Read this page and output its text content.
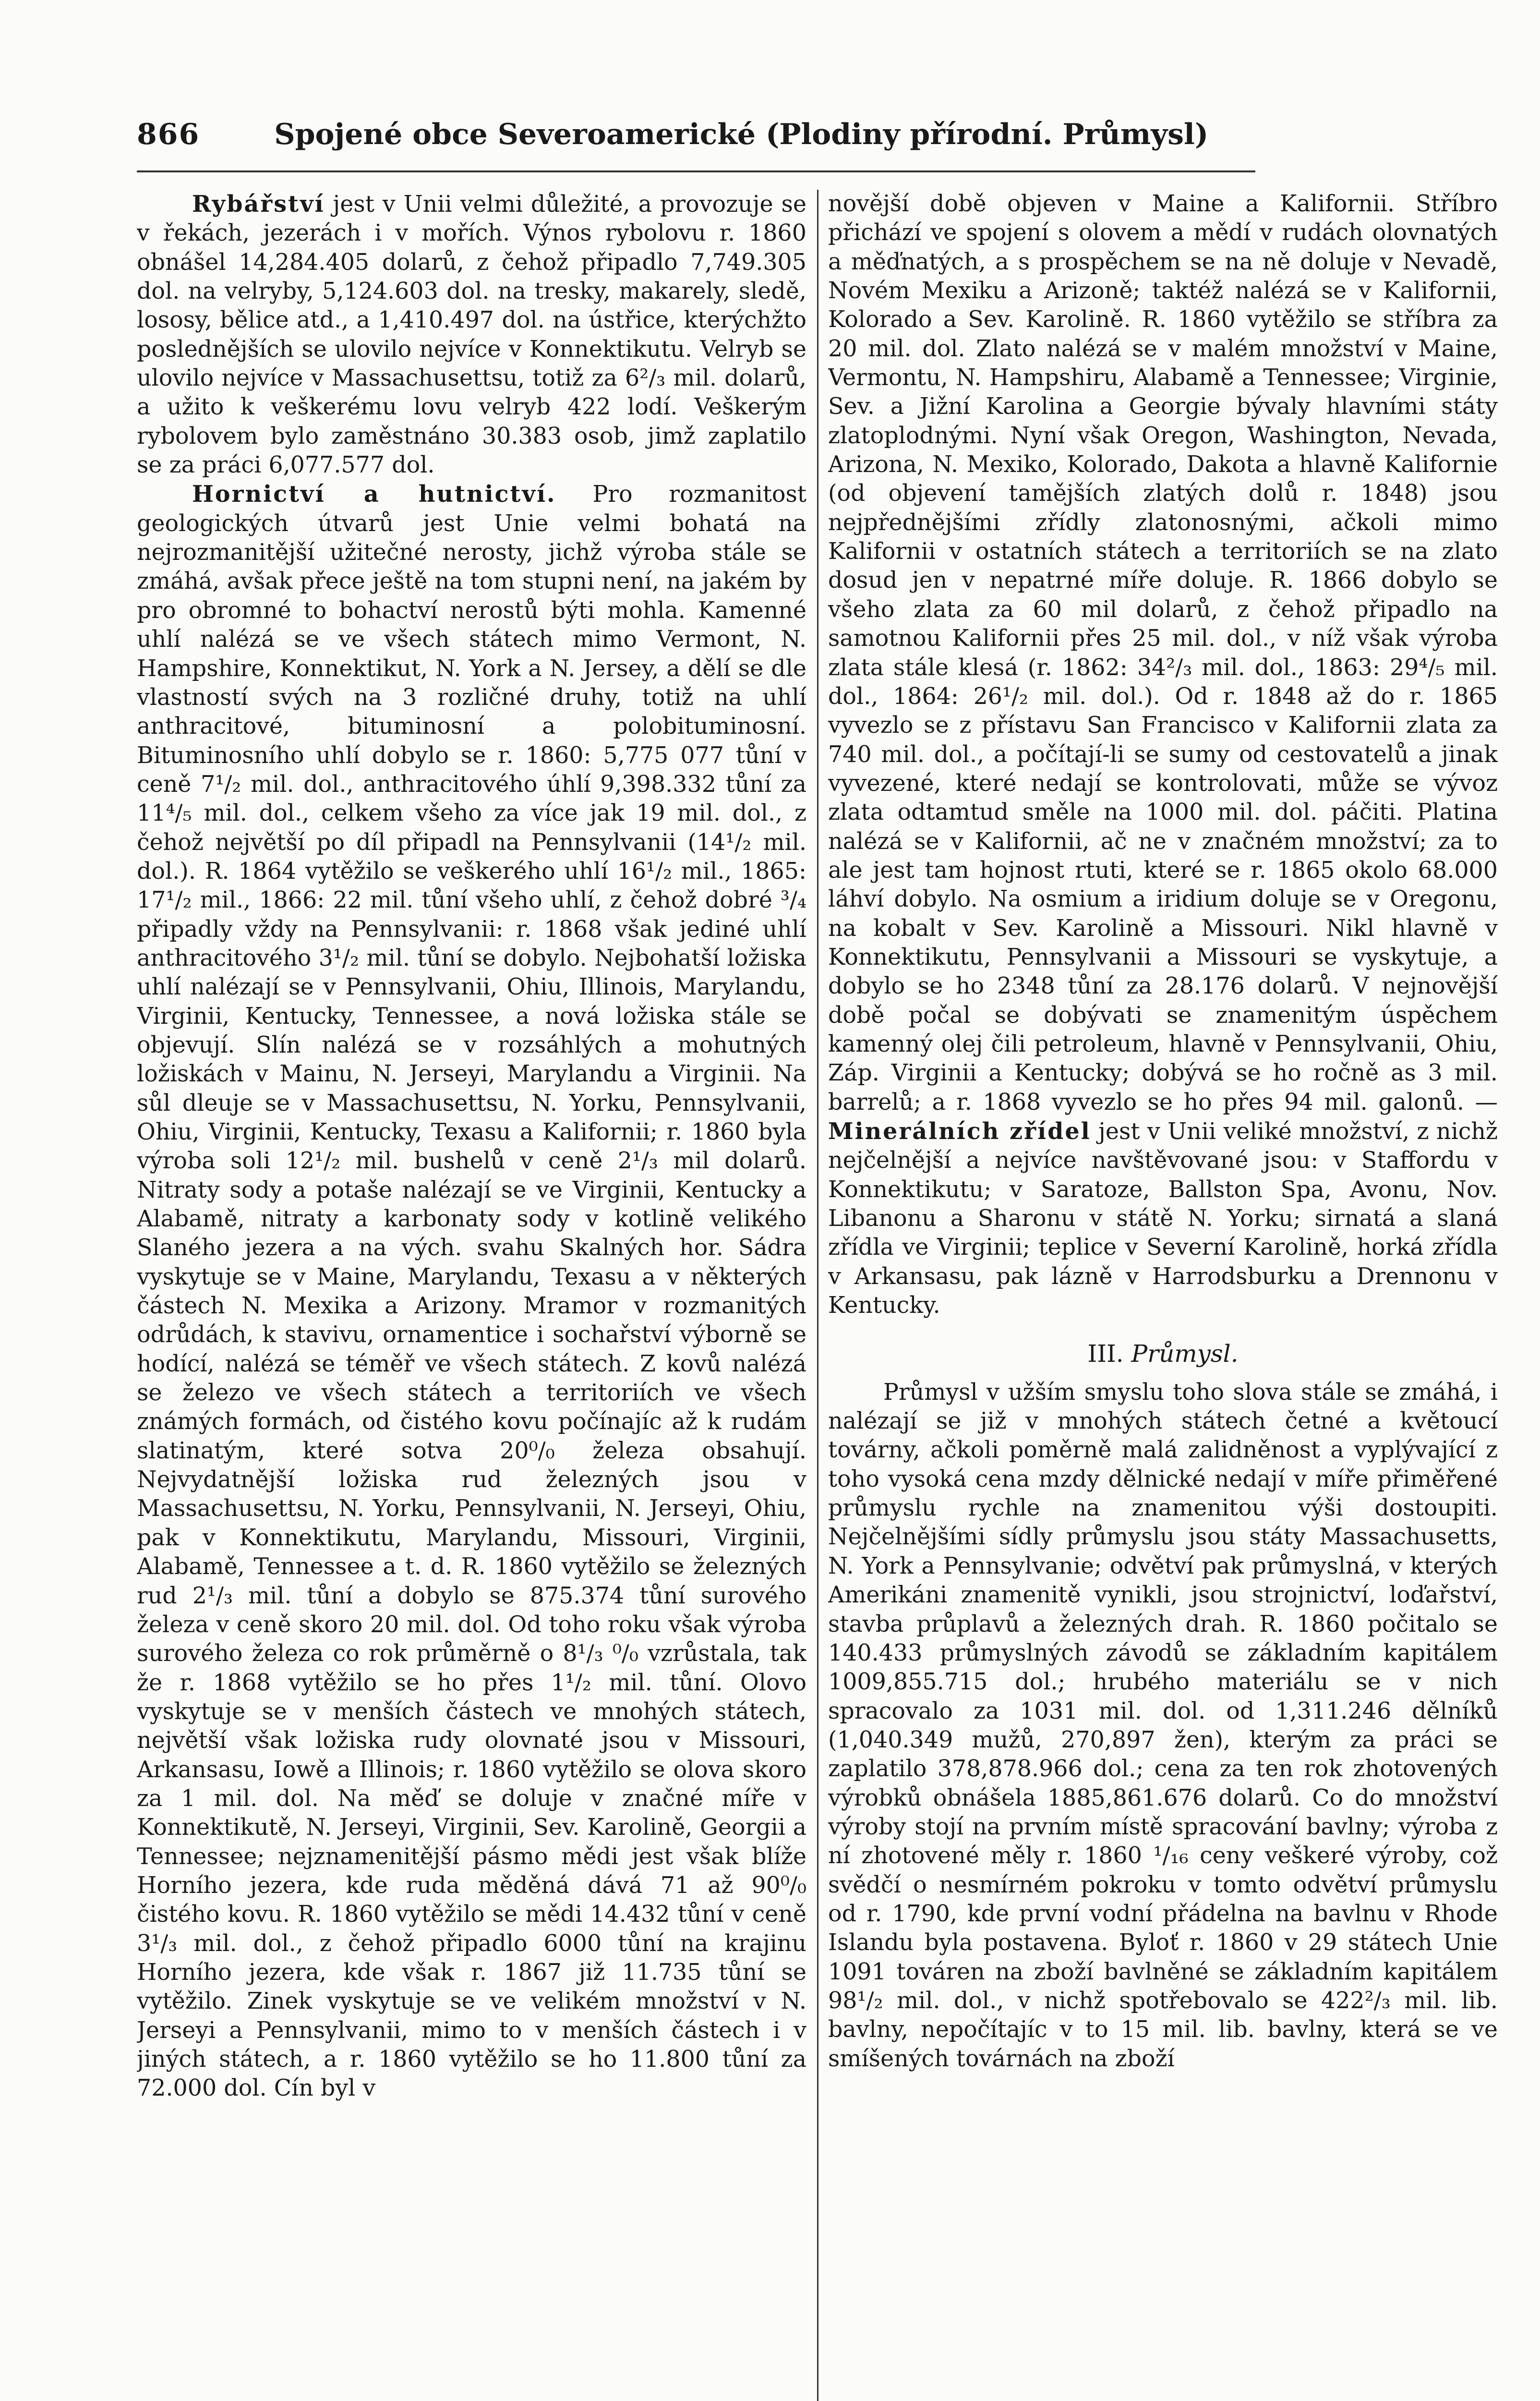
866	Spojené obce Severoamerické (Plodiny přírodní. Průmysl)

Rybářství jest v Unii velmi důležité, a provozuje se v řekách, jezerách i v mořích. Výnos rybolovu r. 1860 obnášel 14,284.405 dolarů, z čehož připadlo 7,749.305 dol. na velryby, 5,124.603 dol. na tresky, makarely, sledě, lososy, bělice atd., a 1,410.497 dol. na ústřice, kterýchžto poslednějších se ulovilo nejvíce v Konnektikutu. Velryb se ulovilo nejvíce v Massachusettsu, totiž za 6²/₃ mil. dolarů, a užito k veškerému lovu velryb 422 lodí. Veškerým rybolovem bylo zaměstnáno 30.383 osob, jimž zaplatilo se za práci 6,077.577 dol.

Hornictví a hutnictví. Pro rozmanitost geologických útvarů jest Unie velmi bohatá na nejrozmanitější užitečné nerosty, jichž výroba stále se zmáhá, avšak přece ještě na tom stupni není, na jakém by pro obromné to bohactví nerostů býti mohla. Kamenné uhlí nalézá se ve všech státech mimo Vermont, N. Hampshire, Konnektikut, N. York a N. Jersey, a dělí se dle vlastností svých na 3 rozličné druhy, totiž na uhlí anthracitové, bituminosní a polobituminosní. Bituminosního uhlí dobylo se r. 1860: 5,775 077 tůní v ceně 7¹/₂ mil. dol., anthracitového úhlí 9,398.332 tůní za 11⁴/₅ mil. dol., celkem všeho za více jak 19 mil. dol., z čehož největší po díl připadl na Pennsylvanii (14¹/₂ mil. dol.). R. 1864 vytěžilo se veškerého uhlí 16¹/₂ mil., 1865: 17¹/₂ mil., 1866: 22 mil. tůní všeho uhlí, z čehož dobré ³/₄ připadly vždy na Pennsylvanii: r. 1868 však jediné uhlí anthracitového 3¹/₂ mil. tůní se dobylo. Nejbohatší ložiska uhlí nalézají se v Pennsylvanii, Ohiu, Illinois, Marylandu, Virginii, Kentucky, Tennessee, a nová ložiska stále se objevují. Slín nalézá se v rozsáhlých a mohutných ložiskách v Mainu, N. Jerseyi, Marylandu a Virginii. Na sůl dleuje se v Massachusettsu, N. Yorku, Pennsylvanii, Ohiu, Virginii, Kentucky, Texasu a Kalifornii; r. 1860 byla výroba soli 12¹/₂ mil. bushelů v ceně 2¹/₃ mil dolarů. Nitraty sody a potaše nalézají se ve Virginii, Kentucky a Alabamě, nitraty a karbonaty sody v kotlině velikého Slaného jezera a na vých. svahu Skalných hor. Sádra vyskytuje se v Maine, Marylandu, Texasu a v některých částech N. Mexika a Arizony. Mramor v rozmanitých odrůdách, k stavivu, ornamentice i sochařství výborně se hodící, nalézá se téměř ve všech státech. Z kovů nalézá se železo ve všech státech a territoriích ve všech známých formách, od čistého kovu počínajíc až k rudám slatinatým, které sotva 20⁰/₀ železa obsahují. Nejvydatnější ložiska rud železných jsou v Massachusettsu, N. Yorku, Pennsylvanii, N. Jerseyi, Ohiu, pak v Konnektikutu, Marylandu, Missouri, Virginii, Alabamě, Tennessee a t. d. R. 1860 vytěžilo se železných rud 2¹/₃ mil. tůní a dobylo se 875.374 tůní surového železa v ceně skoro 20 mil. dol. Od toho roku však výroba surového železa co rok průměrně o 8¹/₃ ⁰/₀ vzrůstala, tak že r. 1868 vytěžilo se ho přes 1¹/₂ mil. tůní. Olovo vyskytuje se v menších částech ve mnohých státech, největší však ložiska rudy olovnaté jsou v Missouri, Arkansasu, Iowě a Illinois; r. 1860 vytěžilo se olova skoro za 1 mil. dol. Na měď se doluje v značné míře v Konnektikutě, N. Jerseyi, Virginii, Sev. Karolině, Georgii a Tennessee; nejznamenitější pásmo mědi jest však blíže Horního jezera, kde ruda měděná dává 71 až 90⁰/₀ čistého kovu. R. 1860 vytěžilo se mědi 14.432 tůní v ceně 3¹/₃ mil. dol., z čehož připadlo 6000 tůní na krajinu Horního jezera, kde však r. 1867 již 11.735 tůní se vytěžilo. Zinek vyskytuje se ve velikém množství v N. Jerseyi a Pennsylvanii, mimo to v menších částech i v jiných státech, a r. 1860 vytěžilo se ho 11.800 tůní za 72.000 dol. Cín byl v

novější době objeven v Maine a Kalifornii. Stříbro přichází ve spojení s olovem a mědí v rudách olovnatých a měďnatých, a s prospěchem se na ně doluje v Nevadě, Novém Mexiku a Arizoně; taktéž nalézá se v Kalifornii, Kolorado a Sev. Karolině. R. 1860 vytěžilo se stříbra za 20 mil. dol. Zlato nalézá se v malém množství v Maine, Vermontu, N. Hampshiru, Alabamě a Tennessee; Virginie, Sev. a Jižní Karolina a Georgie bývaly hlavními státy zlatoplodnými. Nyní však Oregon, Washington, Nevada, Arizona, N. Mexiko, Kolorado, Dakota a hlavně Kalifornie (od objevení tamějších zlatých dolů r. 1848) jsou nejpřednějšími zřídly zlatonosnými, ačkoli mimo Kalifornii v ostatních státech a territoriích se na zlato dosud jen v nepatrné míře doluje. R. 1866 dobylo se všeho zlata za 60 mil dolarů, z čehož připadlo na samotnou Kalifornii přes 25 mil. dol., v níž však výroba zlata stále klesá (r. 1862: 34²/₃ mil. dol., 1863: 29⁴/₅ mil. dol., 1864: 26¹/₂ mil. dol.). Od r. 1848 až do r. 1865 vyvezlo se z přístavu San Francisco v Kalifornii zlata za 740 mil. dol., a počítají-li se sumy od cestovatelů a jinak vyvezené, které nedají se kontrolovati, může se vývoz zlata odtamtud směle na 1000 mil. dol. páčiti. Platina nalézá se v Kalifornii, ač ne v značném množství; za to ale jest tam hojnost rtuti, které se r. 1865 okolo 68.000 láhví dobylo. Na osmium a iridium doluje se v Oregonu, na kobalt v Sev. Karolině a Missouri. Nikl hlavně v Konnektikutu, Pennsylvanii a Missouri se vyskytuje, a dobylo se ho 2348 tůní za 28.176 dolarů. V nejnovější době počal se dobývati se znamenitým úspěchem kamenný olej čili petroleum, hlavně v Pennsylvanii, Ohiu, Záp. Virginii a Kentucky; dobývá se ho ročně as 3 mil. barrelů; a r. 1868 vyvezlo se ho přes 94 mil. galonů. — Minerálních zřídel jest v Unii veliké množství, z nichž nejčelnější a nejvíce navštěvované jsou: v Staffordu v Konnektikutu; v Saratoze, Ballston Spa, Avonu, Nov. Libanonu a Sharonu v státě N. Yorku; sirnatá a slaná zřídla ve Virginii; teplice v Severní Karolině, horká zřídla v Arkansasu, pak lázně v Harrodsburku a Drennonu v Kentucky.

III. Průmysl.

Průmysl v užším smyslu toho slova stále se zmáhá, i nalézají se již v mnohých státech četné a květoucí továrny, ačkoli poměrně malá zalidněnost a vyplývající z toho vysoká cena mzdy dělnické nedají v míře přiměřené průmyslu rychle na znamenitou výši dostoupiti. Nejčelnějšími sídly průmyslu jsou státy Massachusetts, N. York a Pennsylvanie; odvětví pak průmyslná, v kterých Amerikáni znamenitě vynikli, jsou strojnictví, loďařství, stavba průplavů a železných drah. R. 1860 počitalo se 140.433 průmyslných závodů se základním kapitálem 1009,855.715 dol.; hrubého materiálu se v nich spracovalo za 1031 mil. dol. od 1,311.246 dělníků (1,040.349 mužů, 270,897 žen), kterým za práci se zaplatilo 378,878.966 dol.; cena za ten rok zhotovených výrobků obnášela 1885,861.676 dolarů. Co do množství výroby stojí na prvním místě spracování bavlny; výroba z ní zhotovené měly r. 1860 ¹/₁₆ ceny veškeré výroby, což svědčí o nesmírném pokroku v tomto odvětví průmyslu od r. 1790, kde první vodní přádelna na bavlnu v Rhode Islandu byla postavena. Byloť r. 1860 v 29 státech Unie 1091 továren na zboží bavlněné se základním kapitálem 98¹/₂ mil. dol., v nichž spotřebovalo se 422²/₃ mil. lib. bavlny, nepočítajíc v to 15 mil. lib. bavlny, která se ve smíšených továrnách na zboží
